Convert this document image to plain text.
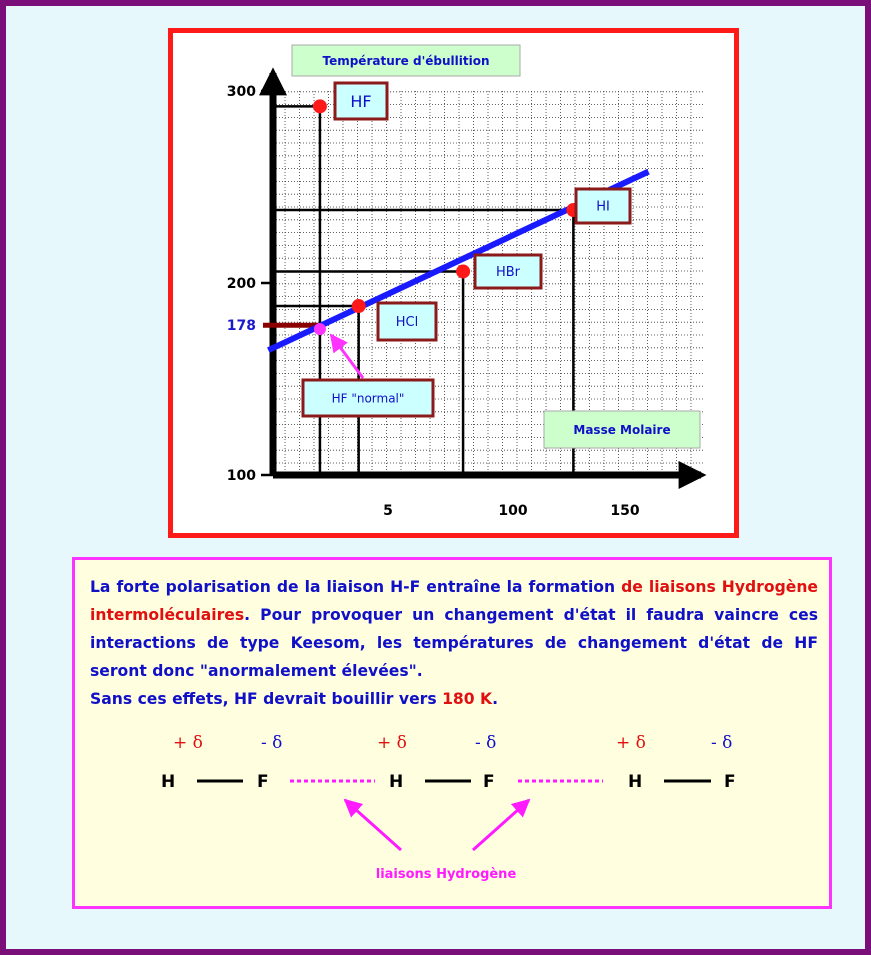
100
200
300
5	100	150
178
Température d'ébullition
Masse Molaire
HF
HCl
HBr
HI
HF "normal"

La forte polarisation de la liaison H-F entraîne la formation de liaisons Hydrogène intermoléculaires. Pour provoquer un changement d'état il faudra vaincre ces interactions de type Keesom, les températures de changement d'état de HF seront donc "anormalement élevées".
Sans ces effets, HF devrait bouillir vers 180 K.

+ δ	- δ	+ δ	- δ	+ δ	- δ
H	F	H	F	H	F
liaisons Hydrogène
